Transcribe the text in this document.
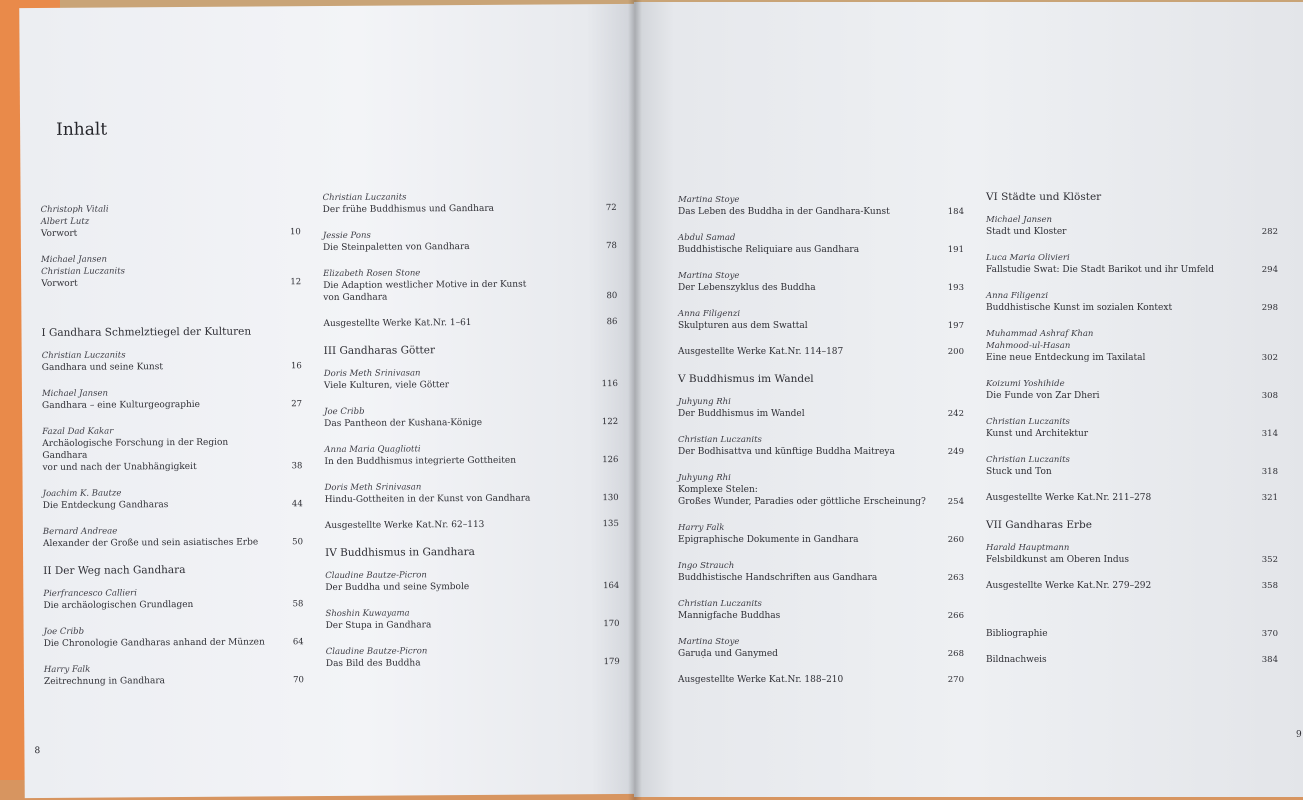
Inhalt
Christoph Vitali
Albert Lutz
Vorwort	10
Michael Jansen
Christian Luczanits
Vorwort	12
I Gandhara Schmelztiegel der Kulturen
Christian Luczanits
Gandhara und seine Kunst	16
Michael Jansen
Gandhara – eine Kulturgeographie	27
Fazal Dad Kakar
Archäologische Forschung in der Region Gandhara
vor und nach der Unabhängigkeit	38
Joachim K. Bautze
Die Entdeckung Gandharas	44
Bernard Andreae
Alexander der Große und sein asiatisches Erbe	50
II Der Weg nach Gandhara
Pierfrancesco Callieri
Die archäologischen Grundlagen	58
Joe Cribb
Die Chronologie Gandharas anhand der Münzen	64
Harry Falk
Zeitrechnung in Gandhara	70
Christian Luczanits
Der frühe Buddhismus und Gandhara	72
Jessie Pons
Die Steinpaletten von Gandhara	78
Elizabeth Rosen Stone
Die Adaption westlicher Motive in der Kunst
von Gandhara	80
Ausgestellte Werke Kat.Nr. 1–61	86
III Gandharas Götter
Doris Meth Srinivasan
Viele Kulturen, viele Götter	116
Joe Cribb
Das Pantheon der Kushana-Könige	122
Anna Maria Quagliotti
In den Buddhismus integrierte Gottheiten	126
Doris Meth Srinivasan
Hindu-Gottheiten in der Kunst von Gandhara	130
Ausgestellte Werke Kat.Nr. 62–113	135
IV Buddhismus in Gandhara
Claudine Bautze-Picron
Der Buddha und seine Symbole	164
Shoshin Kuwayama
Der Stupa in Gandhara	170
Claudine Bautze-Picron
Das Bild des Buddha	179
8
Martina Stoye
Das Leben des Buddha in der Gandhara-Kunst	184
Abdul Samad
Buddhistische Reliquiare aus Gandhara	191
Martina Stoye
Der Lebenszyklus des Buddha	193
Anna Filigenzi
Skulpturen aus dem Swattal	197
Ausgestellte Werke Kat.Nr. 114–187	200
V Buddhismus im Wandel
Juhyung Rhi
Der Buddhismus im Wandel	242
Christian Luczanits
Der Bodhisattva und künftige Buddha Maitreya	249
Juhyung Rhi
Komplexe Stelen:
Großes Wunder, Paradies oder göttliche Erscheinung?	254
Harry Falk
Epigraphische Dokumente in Gandhara	260
Ingo Strauch
Buddhistische Handschriften aus Gandhara	263
Christian Luczanits
Mannigfache Buddhas	266
Martina Stoye
Garuḍa und Ganymed	268
Ausgestellte Werke Kat.Nr. 188–210	270
VI Städte und Klöster
Michael Jansen
Stadt und Kloster	282
Luca Maria Olivieri
Fallstudie Swat: Die Stadt Barikot und ihr Umfeld	294
Anna Filigenzi
Buddhistische Kunst im sozialen Kontext	298
Muhammad Ashraf Khan
Mahmood-ul-Hasan
Eine neue Entdeckung im Taxilatal	302
Koizumi Yoshihide
Die Funde von Zar Dheri	308
Christian Luczanits
Kunst und Architektur	314
Christian Luczanits
Stuck und Ton	318
Ausgestellte Werke Kat.Nr. 211–278	321
VII Gandharas Erbe
Harald Hauptmann
Felsbildkunst am Oberen Indus	352
Ausgestellte Werke Kat.Nr. 279–292	358
Bibliographie	370
Bildnachweis	384
9
